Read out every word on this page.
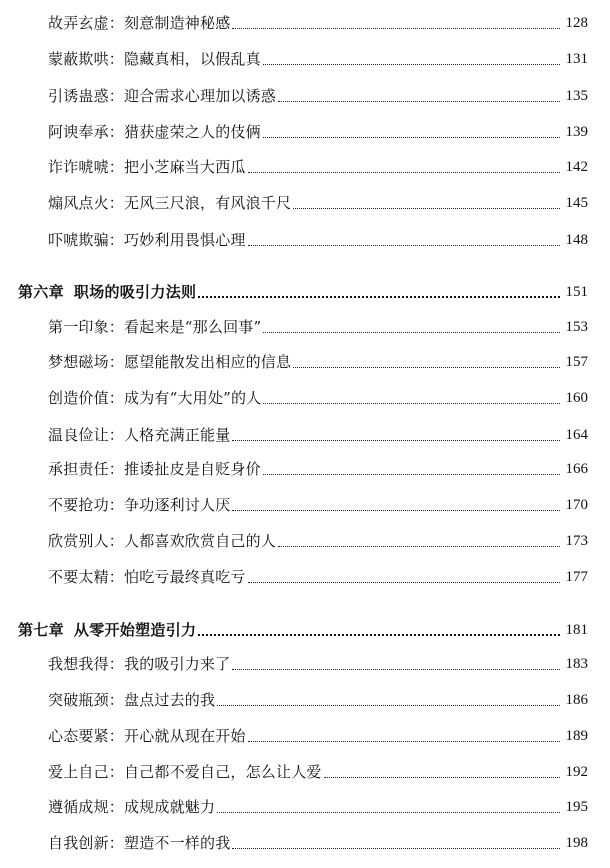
故弄玄虚：刻意制造神秘感	128
蒙蔽欺哄：隐藏真相，以假乱真	131
引诱蛊惑：迎合需求心理加以诱惑	135
阿谀奉承：猎获虚荣之人的伎俩	139
诈诈唬唬：把小芝麻当大西瓜	142
煽风点火：无风三尺浪，有风浪千尺	145
吓唬欺骗：巧妙利用畏惧心理	148
第六章 职场的吸引力法则	151
第一印象：看起来是“那么回事”	153
梦想磁场：愿望能散发出相应的信息	157
创造价值：成为有“大用处”的人	160
温良俭让：人格充满正能量	164
承担责任：推诿扯皮是自贬身价	166
不要抢功：争功逐利讨人厌	170
欣赏别人：人都喜欢欣赏自己的人	173
不要太精：怕吃亏最终真吃亏	177
第七章 从零开始塑造引力	181
我想我得：我的吸引力来了	183
突破瓶颈：盘点过去的我	186
心态要紧：开心就从现在开始	189
爱上自己：自己都不爱自己，怎么让人爱	192
遵循成规：成规成就魅力	195
自我创新：塑造不一样的我	198
